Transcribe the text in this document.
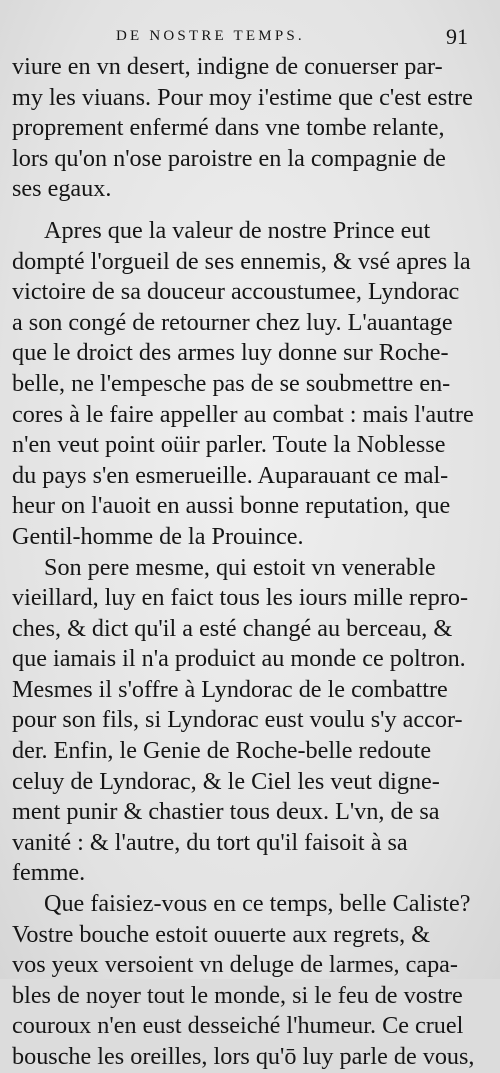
DE NOSTRE TEMPS.	91
viure en vn desert, indigne de conuerser par-
my les viuans. Pour moy i'estime que c'est estre
proprement enfermé dans vne tombe relante,
lors qu'on n'ose paroistre en la compagnie de
ses egaux.
Apres que la valeur de nostre Prince eut
dompté l'orgueil de ses ennemis, & vsé apres la
victoire de sa douceur accoustumee, Lyndorac
a son congé de retourner chez luy. L'auantage
que le droict des armes luy donne sur Roche-
belle, ne l'empesche pas de se soubmettre en-
cores à le faire appeller au combat : mais l'autre
n'en veut point oüir parler. Toute la Noblesse
du pays s'en esmerueille. Auparauant ce mal-
heur on l'auoit en aussi bonne reputation, que
Gentil-homme de la Prouince.
Son pere mesme, qui estoit vn venerable
vieillard, luy en faict tous les iours mille repro-
ches, & dict qu'il a esté changé au berceau, &
que iamais il n'a produict au monde ce poltron.
Mesmes il s'offre à Lyndorac de le combattre
pour son fils, si Lyndorac eust voulu s'y accor-
der. Enfin, le Genie de Roche-belle redoute
celuy de Lyndorac, & le Ciel les veut digne-
ment punir & chastier tous deux. L'vn, de sa
vanité : & l'autre, du tort qu'il faisoit à sa
femme.
Que faisiez-vous en ce temps, belle Caliste?
Vostre bouche estoit ouuerte aux regrets, &
vos yeux versoient vn deluge de larmes, capa-
bles de noyer tout le monde, si le feu de vostre
couroux n'en eust desseiché l'humeur. Ce cruel
bousche les oreilles, lors qu'ō luy parle de vous,
